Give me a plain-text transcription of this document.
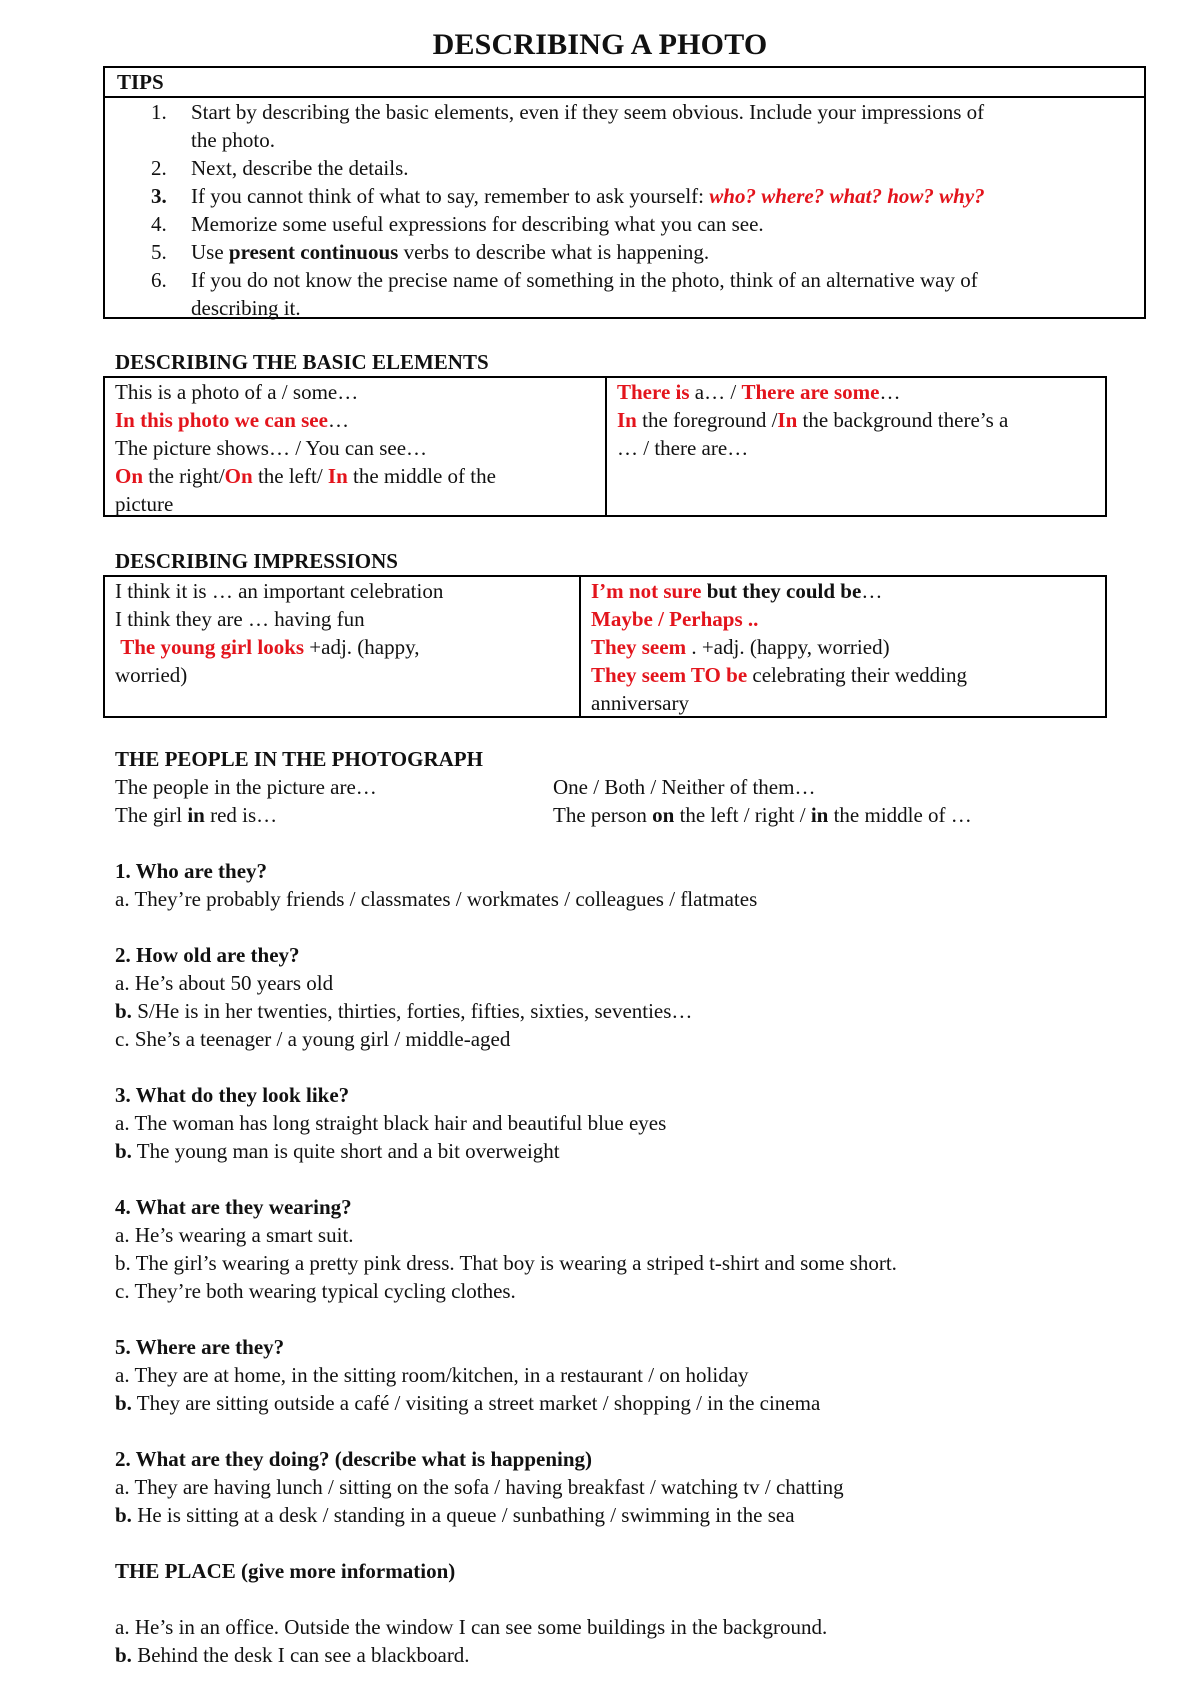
DESCRIBING A PHOTO
TIPS
1. Start by describing the basic elements, even if they seem obvious. Include your impressions of
the photo.
2. Next, describe the details.
3. If you cannot think of what to say, remember to ask yourself: who? where? what? how? why?
4. Memorize some useful expressions for describing what you can see.
5. Use present continuous verbs to describe what is happening.
6. If you do not know the precise name of something in the photo, think of an alternative way of
describing it.
DESCRIBING THE BASIC ELEMENTS
This is a photo of a / some…
In this photo we can see…
The picture shows… / You can see…
On the right/On the left/ In the middle of the
picture
There is a… / There are some…
In the foreground /In the background there’s a
… / there are…
DESCRIBING IMPRESSIONS
I think it is … an important celebration
I think they are … having fun
The young girl looks +adj. (happy,
worried)
I’m not sure but they could be…
Maybe / Perhaps ..
They seem . +adj. (happy, worried)
They seem TO be celebrating their wedding
anniversary
THE PEOPLE IN THE PHOTOGRAPH
The people in the picture are…	One / Both / Neither of them…
The girl in red is…	The person on the left / right / in the middle of …
1. Who are they?
a. They’re probably friends / classmates / workmates / colleagues / flatmates
2. How old are they?
a. He’s about 50 years old
b. S/He is in her twenties, thirties, forties, fifties, sixties, seventies…
c. She’s a teenager / a young girl / middle-aged
3. What do they look like?
a. The woman has long straight black hair and beautiful blue eyes
b. The young man is quite short and a bit overweight
4. What are they wearing?
a. He’s wearing a smart suit.
b. The girl’s wearing a pretty pink dress. That boy is wearing a striped t-shirt and some short.
c. They’re both wearing typical cycling clothes.
5. Where are they?
a. They are at home, in the sitting room/kitchen, in a restaurant / on holiday
b. They are sitting outside a café / visiting a street market / shopping / in the cinema
2. What are they doing? (describe what is happening)
a. They are having lunch / sitting on the sofa / having breakfast / watching tv / chatting
b. He is sitting at a desk / standing in a queue / sunbathing / swimming in the sea
THE PLACE (give more information)

a. He’s in an office. Outside the window I can see some buildings in the background.
b. Behind the desk I can see a blackboard.
